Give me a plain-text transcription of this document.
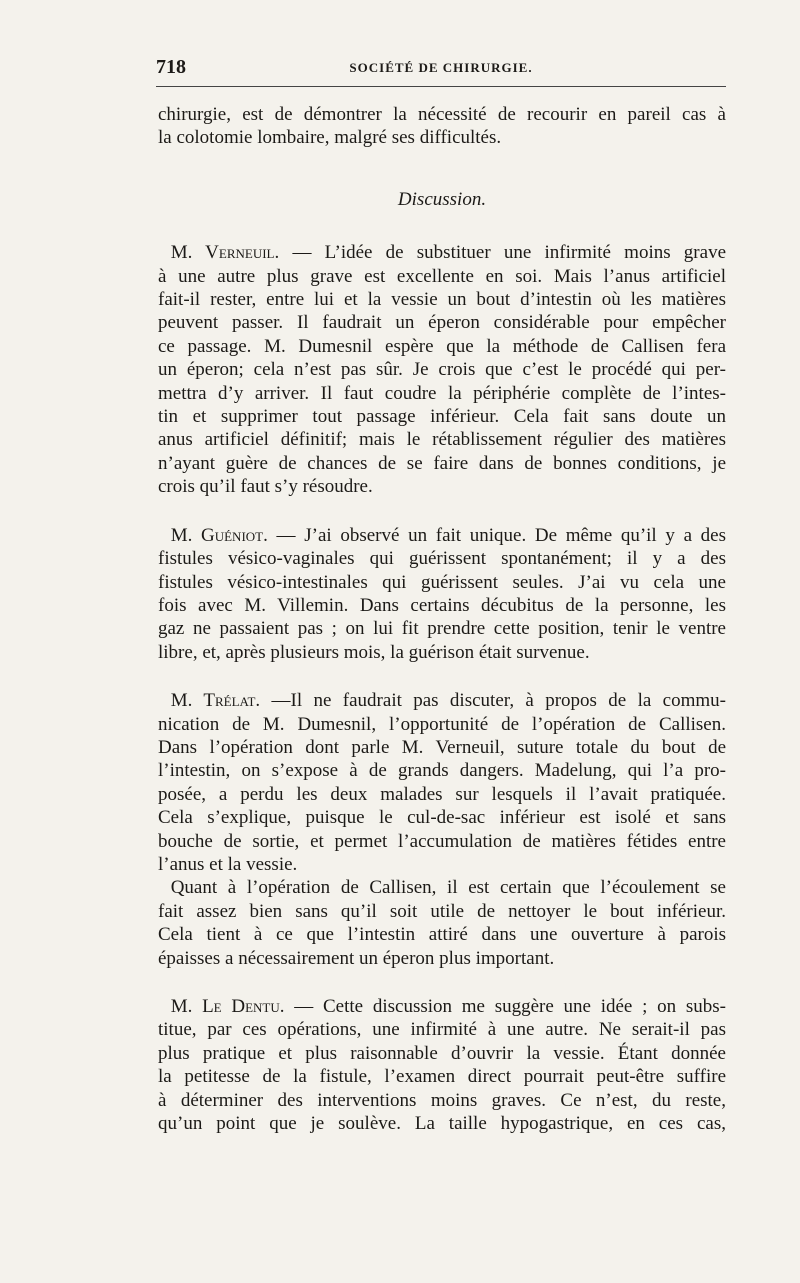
718	SOCIÉTÉ DE CHIRURGIE.

chirurgie, est de démontrer la nécessité de recourir en pareil cas à
la colotomie lombaire, malgré ses difficultés.

Discussion.

  M. Verneuil. — L’idée de substituer une infirmité moins grave
à une autre plus grave est excellente en soi. Mais l’anus artificiel
fait-il rester, entre lui et la vessie un bout d’intestin où les matières
peuvent passer. Il faudrait un éperon considérable pour empêcher
ce passage. M. Dumesnil espère que la méthode de Callisen fera
un éperon; cela n’est pas sûr. Je crois que c’est le procédé qui per-
mettra d’y arriver. Il faut coudre la périphérie complète de l’intes-
tin et supprimer tout passage inférieur. Cela fait sans doute un
anus artificiel définitif; mais le rétablissement régulier des matières
n’ayant guère de chances de se faire dans de bonnes conditions, je
crois qu’il faut s’y résoudre.

  M. Guéniot. — J’ai observé un fait unique. De même qu’il y a des
fistules vésico-vaginales qui guérissent spontanément; il y a des
fistules vésico-intestinales qui guérissent seules. J’ai vu cela une
fois avec M. Villemin. Dans certains décubitus de la personne, les
gaz ne passaient pas ; on lui fit prendre cette position, tenir le ventre
libre, et, après plusieurs mois, la guérison était survenue.

  M. Trélat. —Il ne faudrait pas discuter, à propos de la commu-
nication de M. Dumesnil, l’opportunité de l’opération de Callisen.
Dans l’opération dont parle M. Verneuil, suture totale du bout de
l’intestin, on s’expose à de grands dangers. Madelung, qui l’a pro-
posée, a perdu les deux malades sur lesquels il l’avait pratiquée.
Cela s’explique, puisque le cul-de-sac inférieur est isolé et sans
bouche de sortie, et permet l’accumulation de matières fétides entre
l’anus et la vessie.

  Quant à l’opération de Callisen, il est certain que l’écoulement se
fait assez bien sans qu’il soit utile de nettoyer le bout inférieur.
Cela tient à ce que l’intestin attiré dans une ouverture à parois
épaisses a nécessairement un éperon plus important.

  M. Le Dentu. — Cette discussion me suggère une idée ; on subs-
titue, par ces opérations, une infirmité à une autre. Ne serait-il pas
plus pratique et plus raisonnable d’ouvrir la vessie. Étant donnée
la petitesse de la fistule, l’examen direct pourrait peut-être suffire
à déterminer des interventions moins graves. Ce n’est, du reste,
qu’un point que je soulève. La taille hypogastrique, en ces cas,
